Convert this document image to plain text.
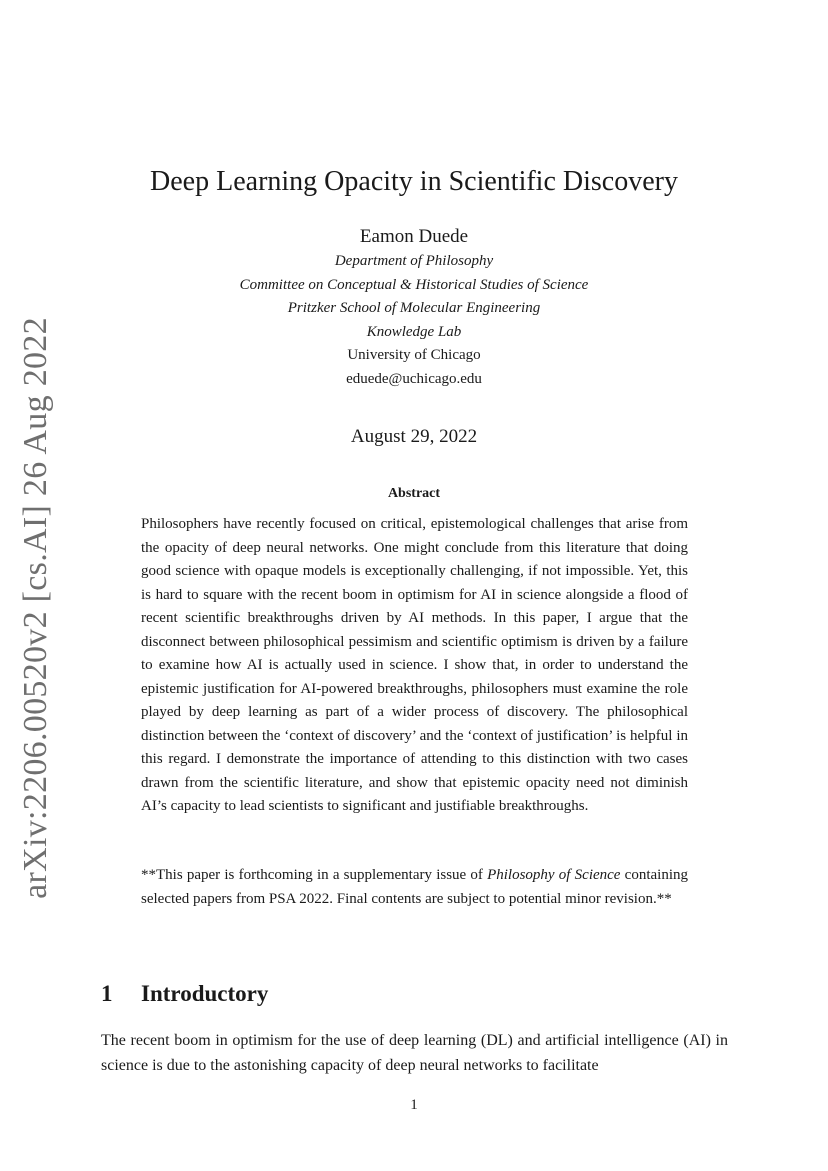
arXiv:2206.00520v2 [cs.AI] 26 Aug 2022
Deep Learning Opacity in Scientific Discovery
Eamon Duede
Department of Philosophy
Committee on Conceptual & Historical Studies of Science
Pritzker School of Molecular Engineering
Knowledge Lab
University of Chicago
eduede@uchicago.edu
August 29, 2022
Abstract

Philosophers have recently focused on critical, epistemological challenges that arise from the opacity of deep neural networks. One might conclude from this literature that doing good science with opaque models is exceptionally challenging, if not impossible. Yet, this is hard to square with the recent boom in optimism for AI in science alongside a flood of recent scientific breakthroughs driven by AI methods. In this paper, I argue that the disconnect between philosophical pessimism and scientific optimism is driven by a failure to examine how AI is actually used in science. I show that, in order to understand the epistemic justification for AI-powered breakthroughs, philosophers must examine the role played by deep learning as part of a wider process of discovery. The philosophical distinction between the ‘context of discovery’ and the ‘context of justification’ is helpful in this regard. I demonstrate the importance of attending to this distinction with two cases drawn from the scientific literature, and show that epistemic opacity need not diminish AI’s capacity to lead scientists to significant and justifiable breakthroughs.

**This paper is forthcoming in a supplementary issue of Philosophy of Science containing selected papers from PSA 2022. Final contents are subject to potential minor revision.**

1 Introductory

The recent boom in optimism for the use of deep learning (DL) and artificial intelligence (AI) in science is due to the astonishing capacity of deep neural networks to facilitate

1
